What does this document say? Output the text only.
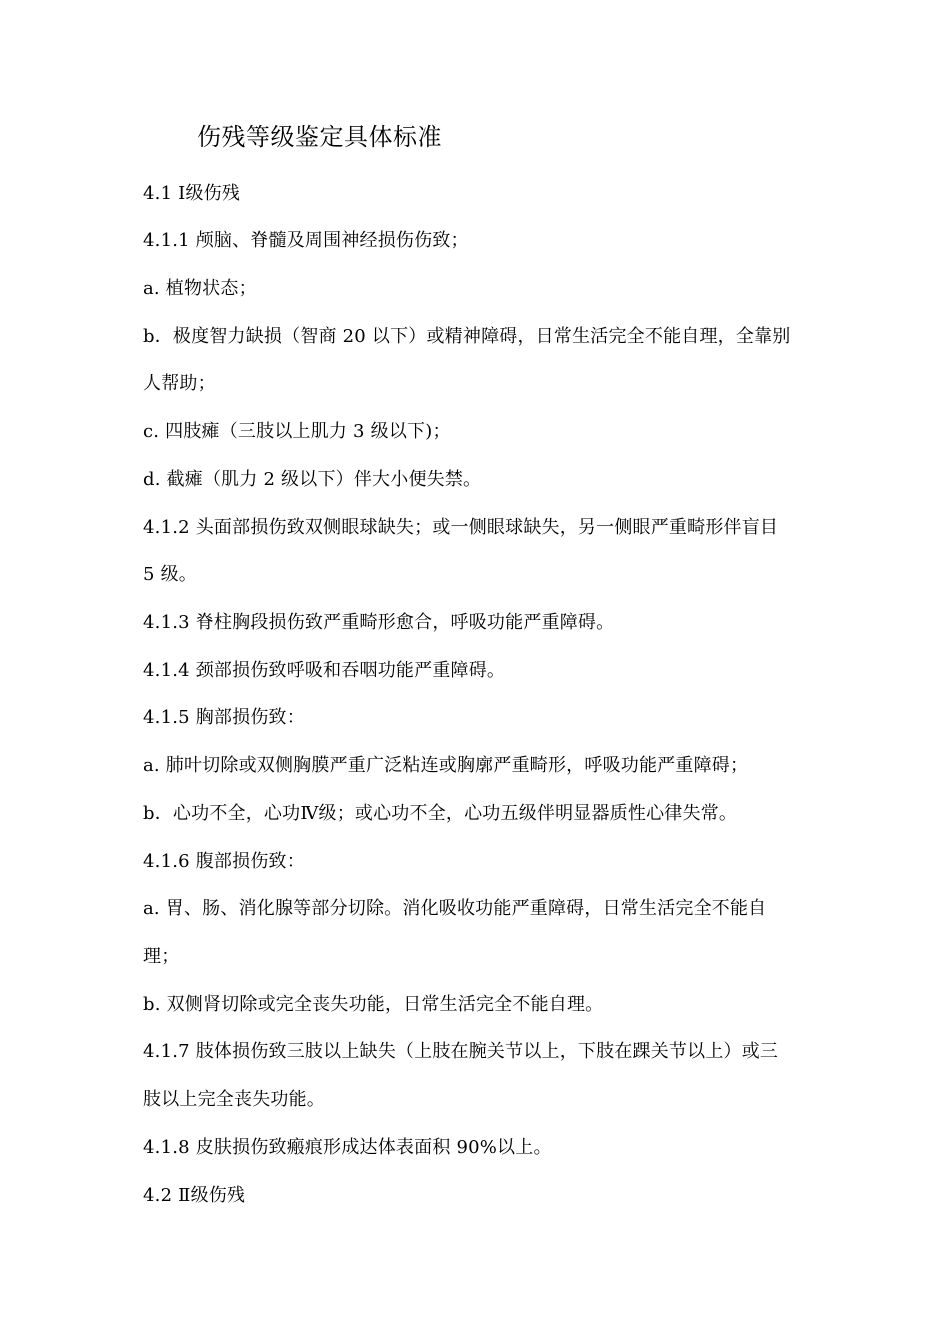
伤残等级鉴定具体标准
4.1 Ⅰ级伤残
4.1.1 颅脑、脊髓及周围神经损伤伤致；
a. 植物状态；
b．极度智力缺损（智商 20 以下）或精神障碍，日常生活完全不能自理，全靠别
人帮助；
c. 四肢瘫（三肢以上肌力 3 级以下)；
d. 截瘫（肌力 2 级以下）伴大小便失禁。
4.1.2 头面部损伤致双侧眼球缺失；或一侧眼球缺失，另一侧眼严重畸形伴盲目
5 级。
4.1.3 脊柱胸段损伤致严重畸形愈合，呼吸功能严重障碍。
4.1.4 颈部损伤致呼吸和吞咽功能严重障碍。
4.1.5 胸部损伤致：
a. 肺叶切除或双侧胸膜严重广泛粘连或胸廓严重畸形，呼吸功能严重障碍；
b．心功不全，心功Ⅳ级；或心功不全，心功五级伴明显器质性心律失常。
4.1.6 腹部损伤致：
a. 胃、肠、消化腺等部分切除。消化吸收功能严重障碍，日常生活完全不能自
理；
b. 双侧肾切除或完全丧失功能，日常生活完全不能自理。
4.1.7 肢体损伤致三肢以上缺失（上肢在腕关节以上，下肢在踝关节以上）或三
肢以上完全丧失功能。
4.1.8 皮肤损伤致瘢痕形成达体表面积 90%以上。
4.2 Ⅱ级伤残
